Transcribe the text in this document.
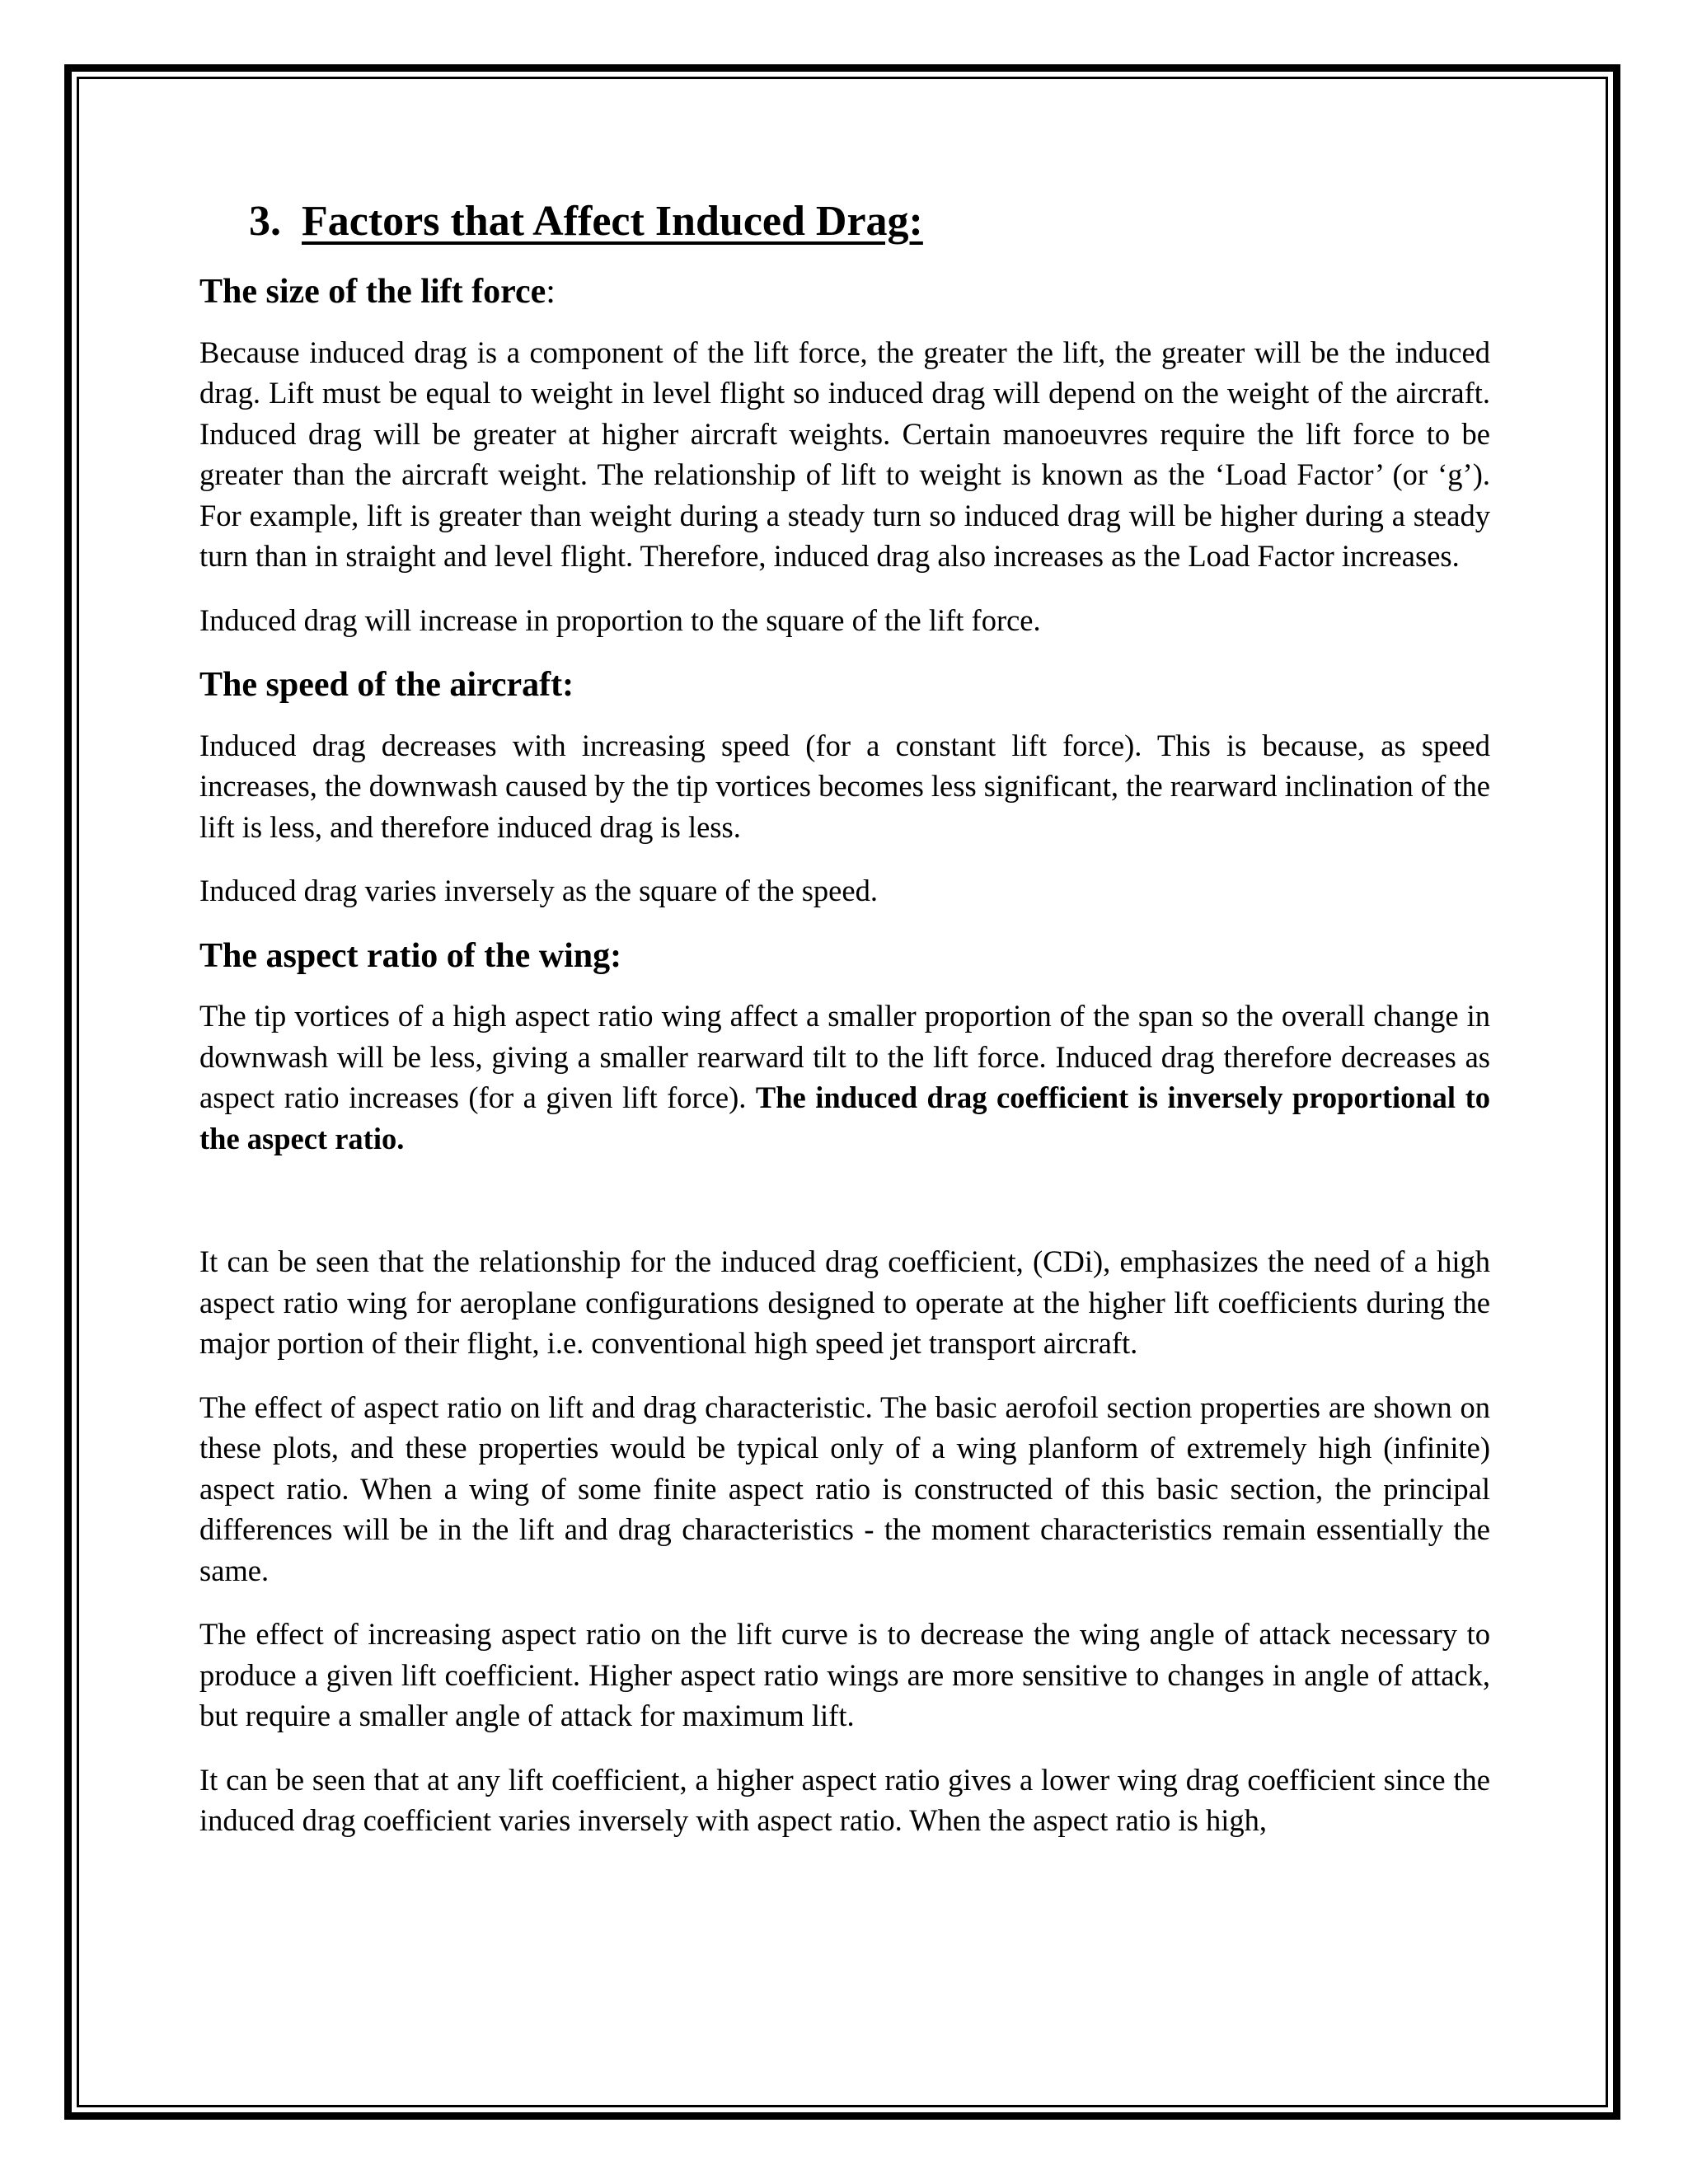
3. Factors that Affect Induced Drag:
The size of the lift force:

Because induced drag is a component of the lift force, the greater the lift, the greater will be the induced drag. Lift must be equal to weight in level flight so induced drag will depend on the weight of the aircraft. Induced drag will be greater at higher aircraft weights. Certain manoeuvres require the lift force to be greater than the aircraft weight. The relationship of lift to weight is known as the ‘Load Factor’ (or ‘g’). For example, lift is greater than weight during a steady turn so induced drag will be higher during a steady turn than in straight and level flight. Therefore, induced drag also increases as the Load Factor increases.

Induced drag will increase in proportion to the square of the lift force.

The speed of the aircraft:

Induced drag decreases with increasing speed (for a constant lift force). This is because, as speed increases, the downwash caused by the tip vortices becomes less significant, the rearward inclination of the lift is less, and therefore induced drag is less.

Induced drag varies inversely as the square of the speed.

The aspect ratio of the wing:

The tip vortices of a high aspect ratio wing affect a smaller proportion of the span so the overall change in downwash will be less, giving a smaller rearward tilt to the lift force. Induced drag therefore decreases as aspect ratio increases (for a given lift force). The induced drag coefficient is inversely proportional to the aspect ratio.

It can be seen that the relationship for the induced drag coefficient, (CDi), emphasizes the need of a high aspect ratio wing for aeroplane configurations designed to operate at the higher lift coefficients during the major portion of their flight, i.e. conventional high speed jet transport aircraft.

The effect of aspect ratio on lift and drag characteristic. The basic aerofoil section properties are shown on these plots, and these properties would be typical only of a wing planform of extremely high (infinite) aspect ratio. When a wing of some finite aspect ratio is constructed of this basic section, the principal differences will be in the lift and drag characteristics - the moment characteristics remain essentially the same.

The effect of increasing aspect ratio on the lift curve is to decrease the wing angle of attack necessary to produce a given lift coefficient. Higher aspect ratio wings are more sensitive to changes in angle of attack, but require a smaller angle of attack for maximum lift.

It can be seen that at any lift coefficient, a higher aspect ratio gives a lower wing drag coefficient since the induced drag coefficient varies inversely with aspect ratio. When the aspect ratio is high,
